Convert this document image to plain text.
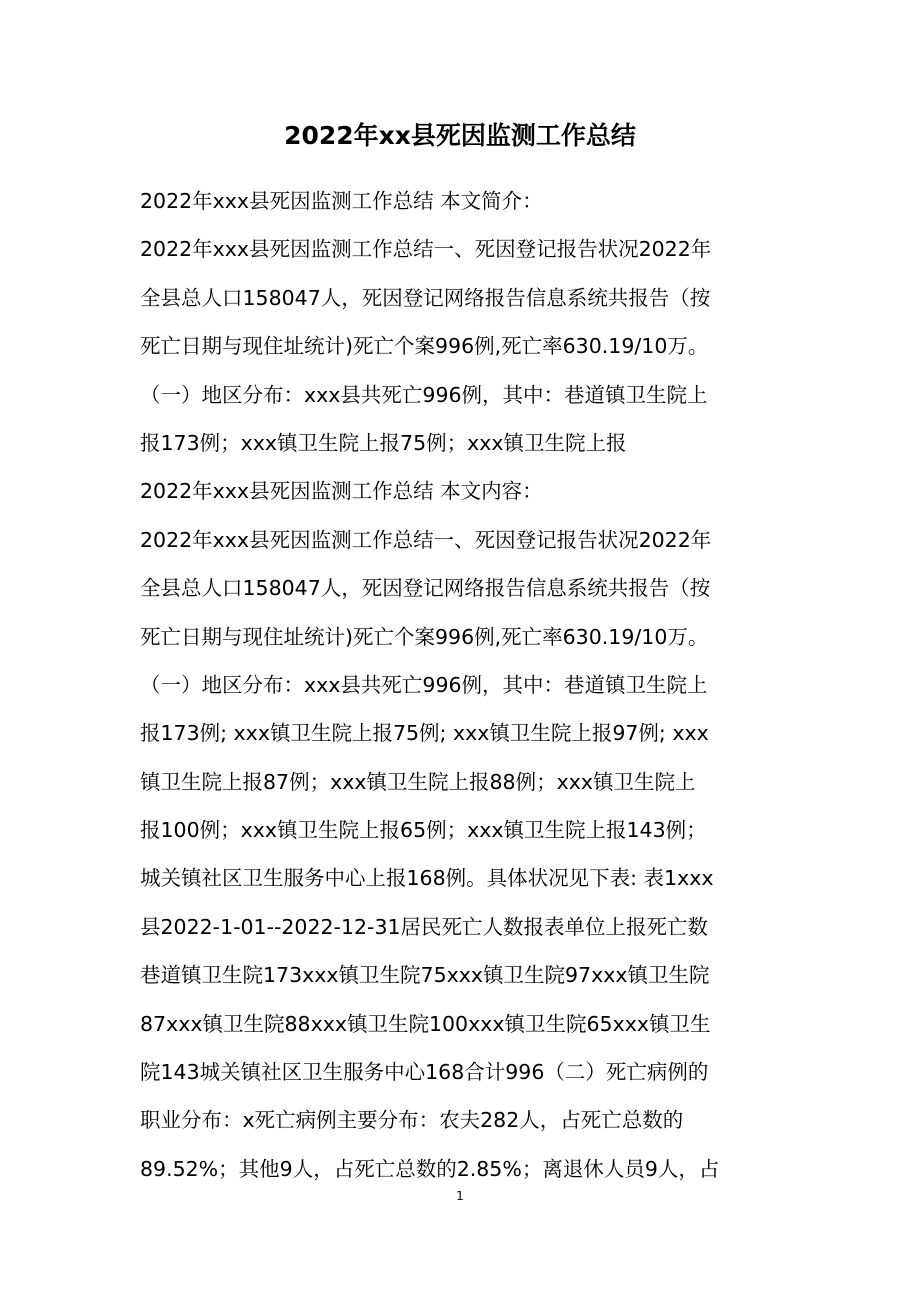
2022年xx县死因监测工作总结
2022年xxx县死因监测工作总结 本文简介：
2022年xxx县死因监测工作总结一、死因登记报告状况2022年
全县总人口158047人，死因登记网络报告信息系统共报告（按
死亡日期与现住址统计)死亡个案996例,死亡率630.19/10万。
（一）地区分布：xxx县共死亡996例，其中：巷道镇卫生院上
报173例；xxx镇卫生院上报75例；xxx镇卫生院上报
2022年xxx县死因监测工作总结 本文内容：
2022年xxx县死因监测工作总结一、死因登记报告状况2022年
全县总人口158047人，死因登记网络报告信息系统共报告（按
死亡日期与现住址统计)死亡个案996例,死亡率630.19/10万。
（一）地区分布：xxx县共死亡996例，其中：巷道镇卫生院上
报173例; xxx镇卫生院上报75例; xxx镇卫生院上报97例; xxx
镇卫生院上报87例；xxx镇卫生院上报88例；xxx镇卫生院上
报100例；xxx镇卫生院上报65例；xxx镇卫生院上报143例；
城关镇社区卫生服务中心上报168例。具体状况见下表: 表1xxx
县2022-1-01--2022-12-31居民死亡人数报表单位上报死亡数
巷道镇卫生院173xxx镇卫生院75xxx镇卫生院97xxx镇卫生院
87xxx镇卫生院88xxx镇卫生院100xxx镇卫生院65xxx镇卫生
院143城关镇社区卫生服务中心168合计996（二）死亡病例的
职业分布：x死亡病例主要分布：农夫282人，占死亡总数的
89.52%；其他9人，占死亡总数的2.85%；离退休人员9人，占
1
